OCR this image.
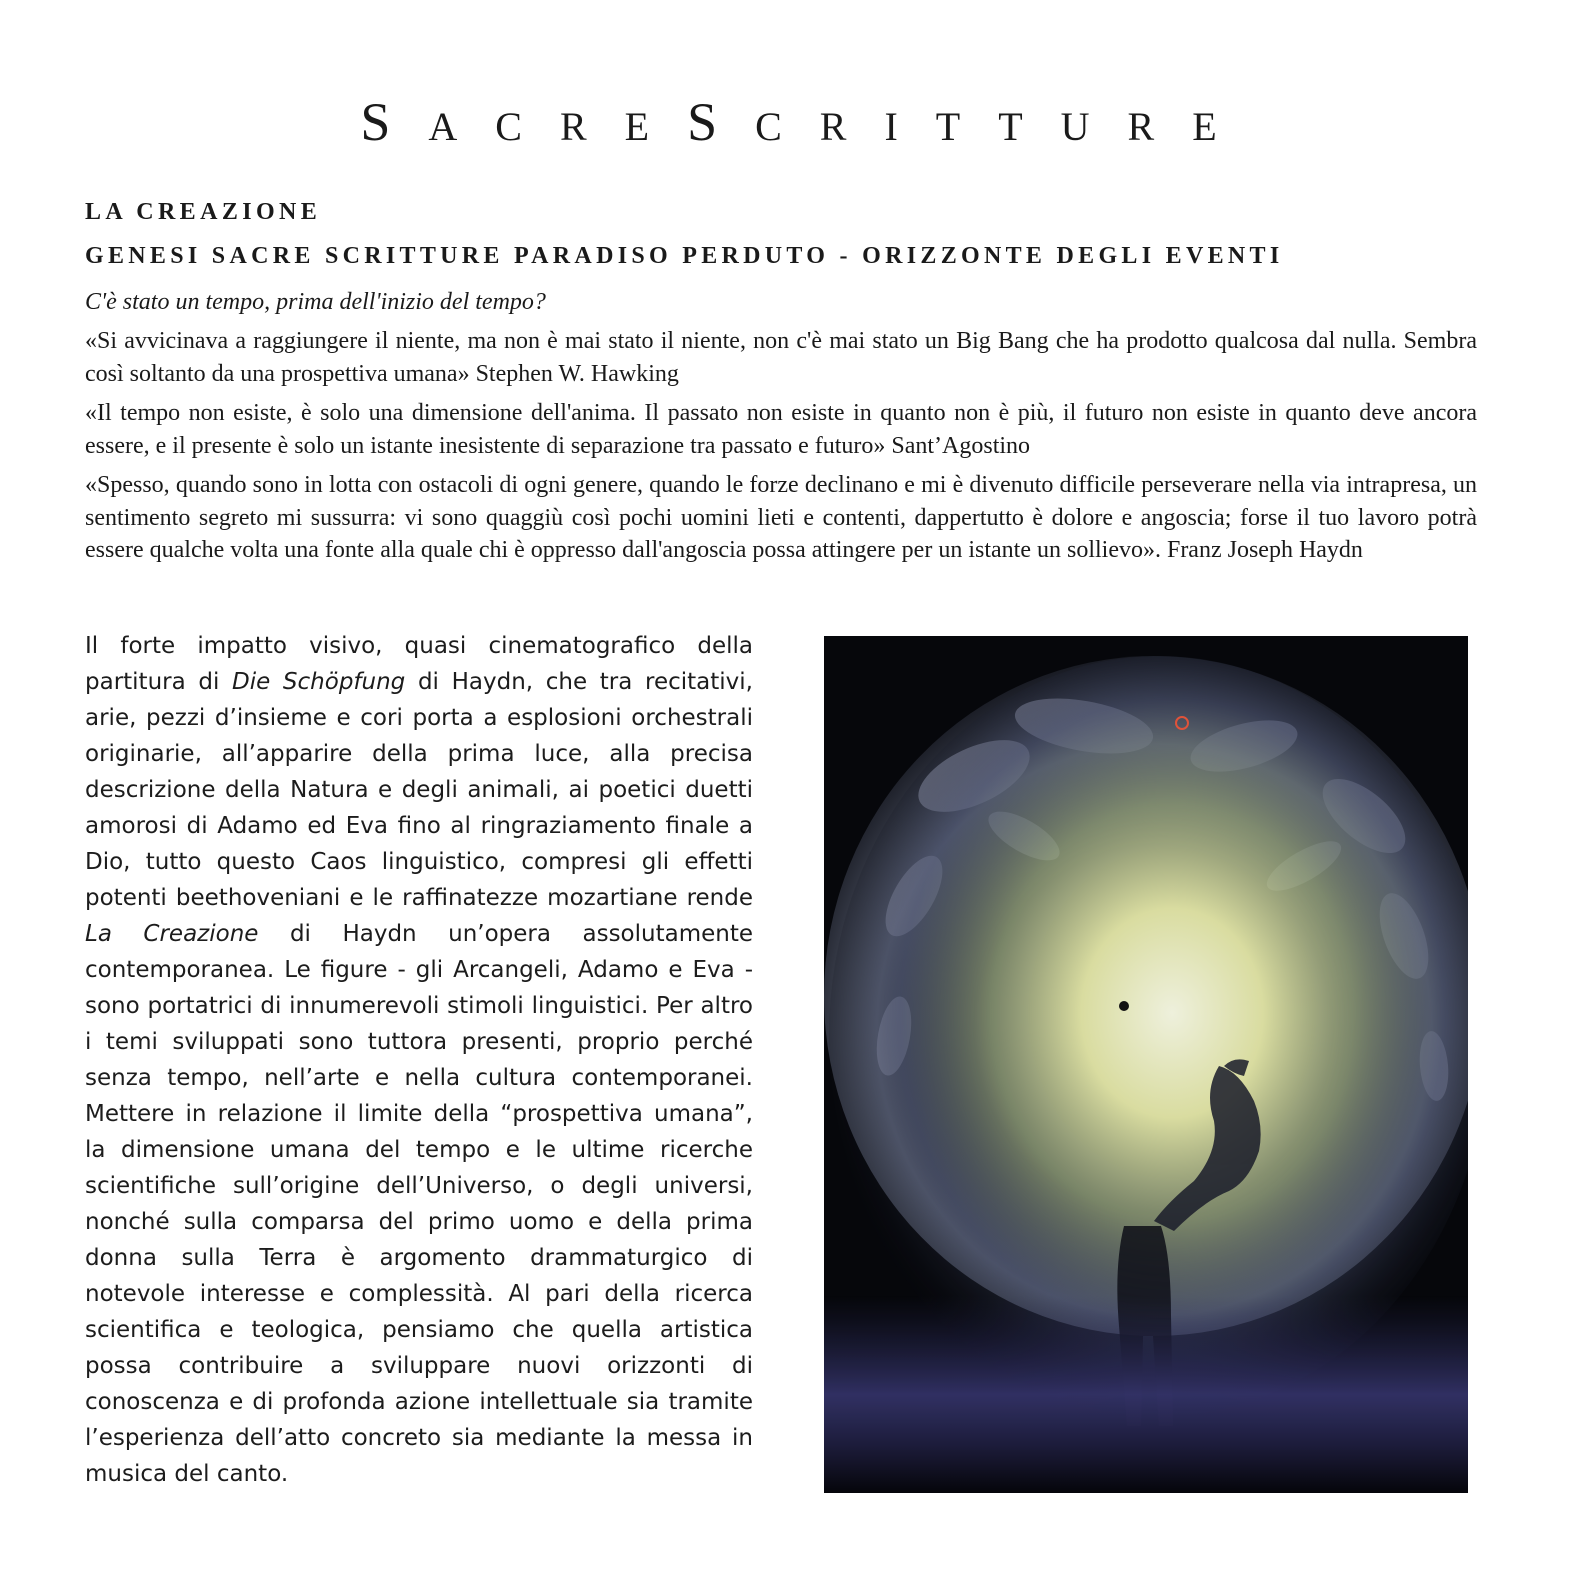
SACRESCRITTURE
LA CREAZIONE
GENESI SACRE SCRITTURE PARADISO PERDUTO - ORIZZONTE DEGLI EVENTI

C'è stato un tempo, prima dell'inizio del tempo?

«Si avvicinava a raggiungere il niente, ma non è mai stato il niente, non c'è mai stato un Big Bang che ha prodotto qualcosa dal nulla. Sembra così soltanto da una prospettiva umana» Stephen W. Hawking

«Il tempo non esiste, è solo una dimensione dell'anima. Il passato non esiste in quanto non è più, il futuro non esiste in quanto deve ancora essere, e il presente è solo un istante inesistente di separazione tra passato e futuro» Sant’Agostino

«Spesso, quando sono in lotta con ostacoli di ogni genere, quando le forze declinano e mi è divenuto difficile perseverare nella via intrapresa, un sentimento segreto mi sussurra: vi sono quaggiù così pochi uomini lieti e contenti, dappertutto è dolore e angoscia; forse il tuo lavoro potrà essere qualche volta una fonte alla quale chi è oppresso dall'angoscia possa attingere per un istante un sollievo». Franz Joseph Haydn

Il forte impatto visivo, quasi cinematografico della partitura di Die Schöpfung di Haydn, che tra recitativi, arie, pezzi d’insieme e cori porta a esplosioni orchestrali originarie, all’apparire della prima luce, alla precisa descrizione della Natura e degli animali, ai poetici duetti amorosi di Adamo ed Eva fino al ringraziamento finale a Dio, tutto questo Caos linguistico, compresi gli effetti potenti beethoveniani e le raffinatezze mozartiane rende La Creazione di Haydn un’opera assolutamente contemporanea. Le figure - gli Arcangeli, Adamo e Eva - sono portatrici di innumerevoli stimoli linguistici. Per altro i temi sviluppati sono tuttora presenti, proprio perché senza tempo, nell’arte e nella cultura contemporanei. Mettere in relazione il limite della “prospettiva umana”, la dimensione umana del tempo e le ultime ricerche scientifiche sull’origine dell’Universo, o degli universi, nonché sulla comparsa del primo uomo e della prima donna sulla Terra è argomento drammaturgico di notevole interesse e complessità. Al pari della ricerca scientifica e teologica, pensiamo che quella artistica possa contribuire a sviluppare nuovi orizzonti di conoscenza e di profonda azione intellettuale sia tramite l’esperienza dell’atto concreto sia mediante la messa in musica del canto.
